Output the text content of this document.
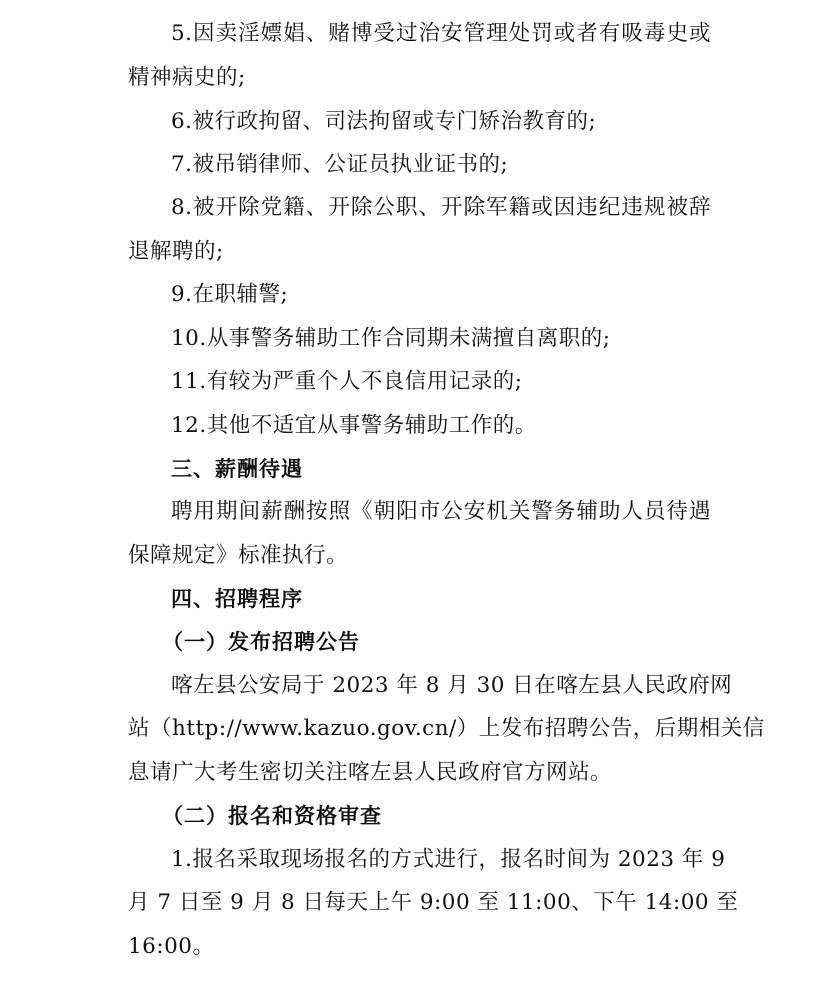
5.因卖淫嫖娼、赌博受过治安管理处罚或者有吸毒史或
精神病史的;
6.被行政拘留、司法拘留或专门矫治教育的;
7.被吊销律师、公证员执业证书的;
8.被开除党籍、开除公职、开除军籍或因违纪违规被辞
退解聘的;
9.在职辅警;
10.从事警务辅助工作合同期未满擅自离职的;
11.有较为严重个人不良信用记录的;
12.其他不适宜从事警务辅助工作的。
三、薪酬待遇
聘用期间薪酬按照《朝阳市公安机关警务辅助人员待遇
保障规定》标准执行。
四、招聘程序
（一）发布招聘公告
喀左县公安局于 2023 年 8 月 30 日在喀左县人民政府网
站（http://www.kazuo.gov.cn/）上发布招聘公告，后期相关信
息请广大考生密切关注喀左县人民政府官方网站。
（二）报名和资格审查
1.报名采取现场报名的方式进行，报名时间为 2023 年 9
月 7 日至 9 月 8 日每天上午 9:00 至 11:00、下午 14:00 至
16:00。
